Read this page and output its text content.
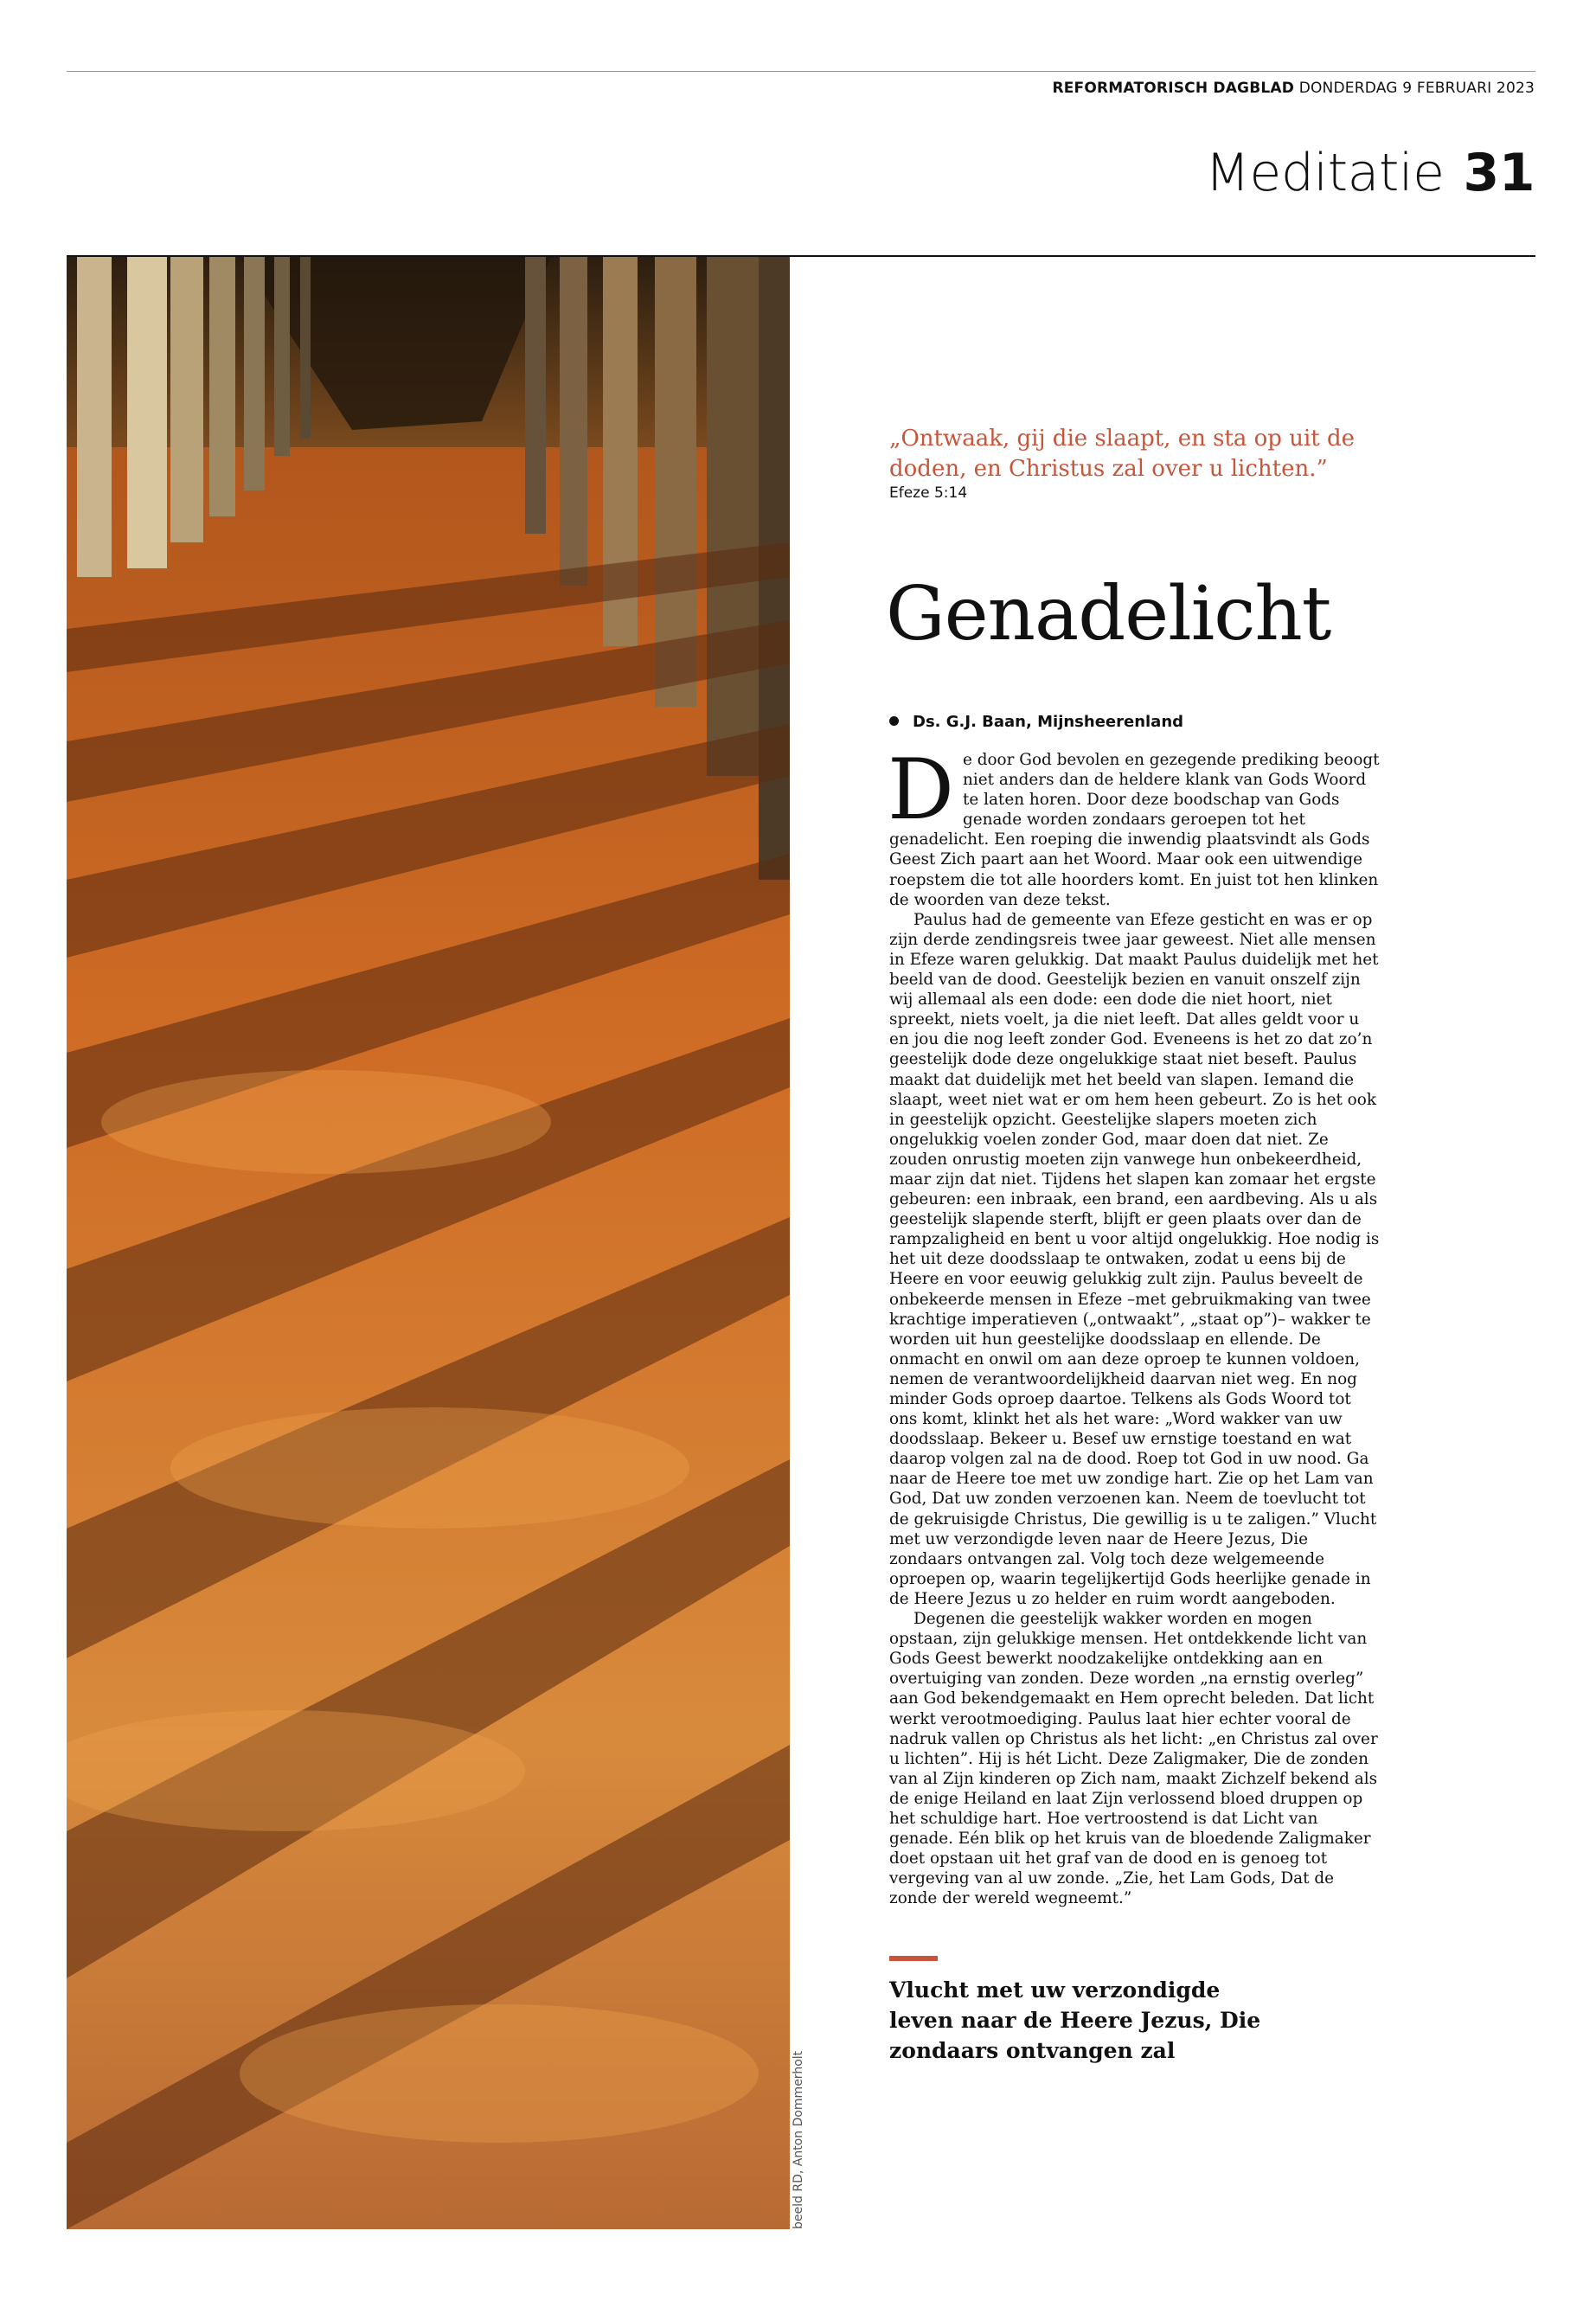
REFORMATORISCH DAGBLAD DONDERDAG 9 FEBRUARI 2023
Meditatie 31
beeld RD, Anton Dommerholt
„Ontwaak, gij die slaapt, en sta op uit de doden, en Christus zal over u lichten.”
Efeze 5:14
Genadelicht
Ds. G.J. Baan, Mijnsheerenland

De door God bevolen en gezegende prediking beoogt niet anders dan de heldere klank van Gods Woord te laten horen. Door deze boodschap van Gods genade worden zondaars geroepen tot het genadelicht. Een roeping die inwendig plaatsvindt als Gods Geest Zich paart aan het Woord. Maar ook een uitwendige roepstem die tot alle hoorders komt. En juist tot hen klinken de woorden van deze tekst.

Paulus had de gemeente van Efeze gesticht en was er op zijn derde zendingsreis twee jaar geweest. Niet alle mensen in Efeze waren gelukkig. Dat maakt Paulus duidelijk met het beeld van de dood. Geestelijk bezien en vanuit onszelf zijn wij allemaal als een dode: een dode die niet hoort, niet spreekt, niets voelt, ja die niet leeft. Dat alles geldt voor u en jou die nog leeft zonder God. Eveneens is het zo dat zo’n geestelijk dode deze ongelukkige staat niet beseft. Paulus maakt dat duidelijk met het beeld van slapen. Iemand die slaapt, weet niet wat er om hem heen gebeurt. Zo is het ook in geestelijk opzicht. Geestelijke slapers moeten zich ongelukkig voelen zonder God, maar doen dat niet. Ze zouden onrustig moeten zijn vanwege hun onbekeerdheid, maar zijn dat niet. Tijdens het slapen kan zomaar het ergste gebeuren: een inbraak, een brand, een aardbeving. Als u als geestelijk slapende sterft, blijft er geen plaats over dan de rampzaligheid en bent u voor altijd ongelukkig. Hoe nodig is het uit deze doodsslaap te ontwaken, zodat u eens bij de Heere en voor eeuwig gelukkig zult zijn. Paulus beveelt de onbekeerde mensen in Efeze –met gebruikmaking van twee krachtige imperatieven („ontwaakt”, „staat op”)– wakker te worden uit hun geestelijke doodsslaap en ellende. De onmacht en onwil om aan deze oproep te kunnen voldoen, nemen de verantwoordelijkheid daarvan niet weg. En nog minder Gods oproep daartoe. Telkens als Gods Woord tot ons komt, klinkt het als het ware: „Word wakker van uw doodsslaap. Bekeer u. Besef uw ernstige toestand en wat daarop volgen zal na de dood. Roep tot God in uw nood. Ga naar de Heere toe met uw zondige hart. Zie op het Lam van God, Dat uw zonden verzoenen kan. Neem de toevlucht tot de gekruisigde Christus, Die gewillig is u te zaligen.” Vlucht met uw verzondigde leven naar de Heere Jezus, Die zondaars ontvangen zal. Volg toch deze welgemeende oproepen op, waarin tegelijkertijd Gods heerlijke genade in de Heere Jezus u zo helder en ruim wordt aangeboden.

Degenen die geestelijk wakker worden en mogen opstaan, zijn gelukkige mensen. Het ontdekkende licht van Gods Geest bewerkt noodzakelijke ontdekking aan en overtuiging van zonden. Deze worden „na ernstig overleg” aan God bekendgemaakt en Hem oprecht beleden. Dat licht werkt verootmoediging. Paulus laat hier echter vooral de nadruk vallen op Christus als het licht: „en Christus zal over u lichten”. Hij is hét Licht. Deze Zaligmaker, Die de zonden van al Zijn kinderen op Zich nam, maakt Zichzelf bekend als de enige Heiland en laat Zijn verlossend bloed druppen op het schuldige hart. Hoe vertroostend is dat Licht van genade. Eén blik op het kruis van de bloedende Zaligmaker doet opstaan uit het graf van de dood en is genoeg tot vergeving van al uw zonde. „Zie, het Lam Gods, Dat de zonde der wereld wegneemt.”

Vlucht met uw verzondigde leven naar de Heere Jezus, Die zondaars ontvangen zal
